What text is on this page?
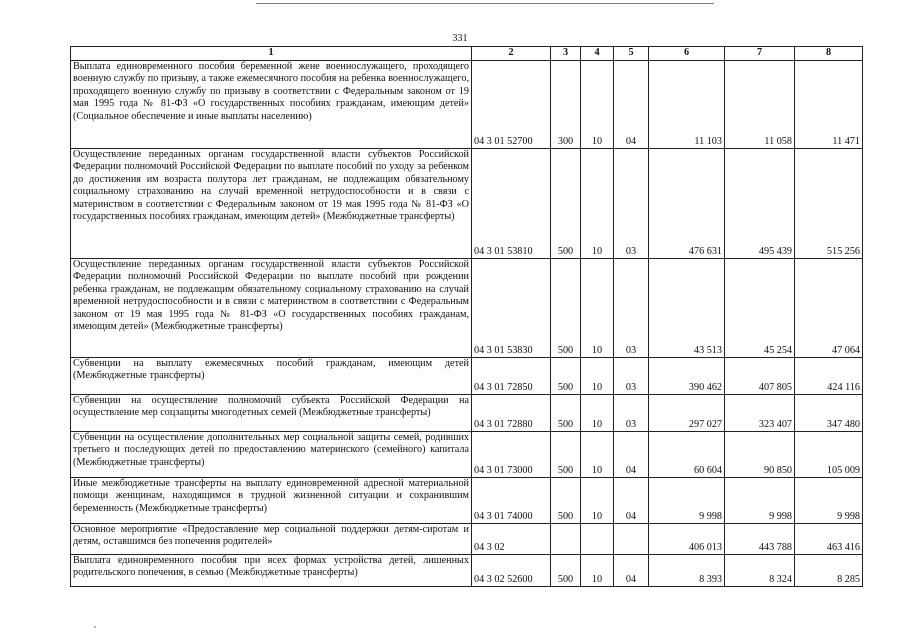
331
1	2	3	4	5	6	7	8
Выплата единовременного пособия беременной жене военнослужащего, проходящего военную службу по призыву, а также ежемесячного пособия на ребенка военнослужащего, проходящего военную службу по призыву в соответствии с Федеральным законом от 19 мая 1995 года № 81-ФЗ «О государственных пособиях гражданам, имеющим детей» (Социальное обеспечение и иные выплаты населению)	04 3 01 52700	300	10	04	11 103	11 058	11 471
Осуществление переданных органам государственной власти субъектов Российской Федерации полномочий Российской Федерации по выплате пособий по уходу за ребенком до достижения им возраста полутора лет гражданам, не подлежащим обязательному социальному страхованию на случай временной нетрудоспособности и в связи с материнством в соответствии с Федеральным законом от 19 мая 1995 года № 81-ФЗ «О государственных пособиях гражданам, имеющим детей» (Межбюджетные трансферты)	04 3 01 53810	500	10	03	476 631	495 439	515 256
Осуществление переданных органам государственной власти субъектов Российской Федерации полномочий Российской Федерации по выплате пособий при рождении ребенка гражданам, не подлежащим обязательному социальному страхованию на случай временной нетрудоспособности и в связи с материнством в соответствии с Федеральным законом от 19 мая 1995 года № 81-ФЗ «О государственных пособиях гражданам, имеющим детей» (Межбюджетные трансферты)	04 3 01 53830	500	10	03	43 513	45 254	47 064
Субвенции на выплату ежемесячных пособий гражданам, имеющим детей (Межбюджетные трансферты)	04 3 01 72850	500	10	03	390 462	407 805	424 116
Субвенции на осуществление полномочий субъекта Российской Федерации на осуществление мер соцзащиты многодетных семей (Межбюджетные трансферты)	04 3 01 72880	500	10	03	297 027	323 407	347 480
Субвенции на осуществление дополнительных мер социальной защиты семей, родивших третьего и последующих детей по предоставлению материнского (семейного) капитала (Межбюджетные трансферты)	04 3 01 73000	500	10	04	60 604	90 850	105 009
Иные межбюджетные трансферты на выплату единовременной адресной материальной помощи женщинам, находящимся в трудной жизненной ситуации и сохранившим беременность (Межбюджетные трансферты)	04 3 01 74000	500	10	04	9 998	9 998	9 998
Основное мероприятие «Предоставление мер социальной поддержки детям-сиротам и детям, оставшимся без попечения родителей»	04 3 02				406 013	443 788	463 416
Выплата единовременного пособия при всех формах устройства детей, лишенных родительского попечения, в семью (Межбюджетные трансферты)	04 3 02 52600	500	10	04	8 393	8 324	8 285
